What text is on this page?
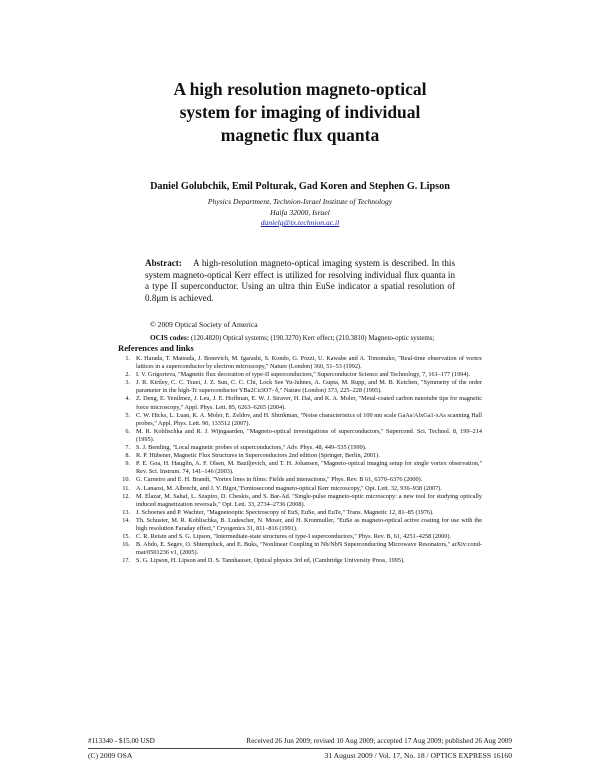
A high resolution magneto-optical
system for imaging of individual
magnetic flux quanta
Daniel Golubchik, Emil Polturak, Gad Koren and Stephen G. Lipson
Physics Department, Technion-Israel Institute of Technology
Haifa 32000, Israel
danielg@tx.technion.ac.il
Abstract: A high-resolution magneto-optical imaging system is described. In this system magneto-optical Kerr effect is utilized for resolving individual flux quanta in a type II superconductor. Using an ultra thin EuSe indicator a spatial resolution of 0.8μm is achieved.
© 2009 Optical Society of America
OCIS codes: (120.4820) Optical systems; (190.3270) Kerr effect; (210.3810) Magneto-optic systems;
References and links
1. K. Harada, T. Matsuda, J. Bonevich, M. Igarashi, S. Kondo, G. Pozzi, U. Kawabe and A. Tonomuko, "Real-time observation of vortex lattices in a superconductor by electron microscopy," Nature (London) 360, 51–53 (1992).
2. I. V. Grigorieva, "Magnetic flux decoration of type-II superconductors," Superconductor Science and Technology, 7, 161–177 (1994).
3. J. R. Kirtley, C. C. Tsuei, J. Z. Sun, C. C. Chi, Lock See Yu-Jahnes, A. Gupta, M. Rupp, and M. B. Ketchen, "Symmetry of the order parameter in the high-Tc superconductor YBa2Cu3O7- δ," Nature (London) 373, 225–228 (1995).
4. Z. Deng, E. Yenilmez, J. Leu, J. E. Hoffman, E. W. J. Straver, H. Dai, and K. A. Moler, "Metal-coated carbon nanotube tips for magnetic force microscopy," Appl. Phys. Lett. 85, 6263–6265 (2004).
5. C. W. Hicks, L. Luan, K. A. Moler, E. Zeldov, and H. Shtrikman, "Noise characteristics of 100 nm scale GaAs/AlxGa1-xAs scanning Hall probes," Appl. Phys. Lett. 90, 133512 (2007).
6. M. R. Koblischka and R. J. Wijngaarden, "Magneto-optical investigations of superconductors," Supercond. Sci. Technol. 8, 199–214 (1995).
7. S. J. Bending, "Local magnetic probes of superconductors," Adv. Phys. 48, 449–535 (1999).
8. R. P. Hübener, Magnetic Flux Structures in Superconductors 2nd edition (Springer, Berlin, 2001).
9. P. E. Goa, H. Hauglin, A. F. Olsen, M. Baziljevich, and T. H. Johansen, "Magneto-optical imaging setup for single vortex observation," Rev. Sci. Instrum. 74, 141–146 (2003).
10. G. Carneiro and E. H. Brandt, "Vortex lines in films: Fields and interactions," Phys. Rev. B 61, 6370–6376 (2000).
11. A. Lanaosi, M. Albrecht, and J. Y. Bigot,"Femtosecond magneto-optical Kerr microscopy," Opt. Lett. 32, 936–938 (2007).
12. M. Elazar, M. Sahaf, L. Szapiro, D. Cheskis, and S. Bar-Ad. "Single-pulse magneto-optic microscopy: a new tool for studying optically induced magnetization reversals," Opt. Lett. 33, 2734–2736 (2008).
13. J. Schoenes and P. Wachter, "Magnetooptic Spectroscopy of EuS, EuSe, and EuTe," Trans. Magnetic 12, 81–85 (1976).
14. Th. Schuster, M. R. Koblischka, B. Ludescher, N. Moser, and H. Kronmuller, "EuSe as magneto-optical active coating for use with the high resolution Faraday effect," Cryogenics 31, 811–816 (1991).
15. C. R. Reisin and S. G. Lipson, "Intermediate-state structures of type-I superconductors," Phys. Rev. B, 61, 4251–4258 (2000).
16. B. Abdo, E. Segev, O. Shtempluck, and E. Buks, "Nonlinear Coupling in Nb/NbN Superconducting Microwave Resonators," arXiv:cond-mat/0501236 v1, (2005).
17. S. G. Lipson, H. Lipson and D. S. Tannhauser, Optical physics 3rd ed, (Cambridge University Press, 1995).
#113340 - $15.00 USD	Received 26 Jun 2009; revised 10 Aug 2009; accepted 17 Aug 2009; published 26 Aug 2009
(C) 2009 OSA	31 August 2009 / Vol. 17, No. 18 / OPTICS EXPRESS 16160
